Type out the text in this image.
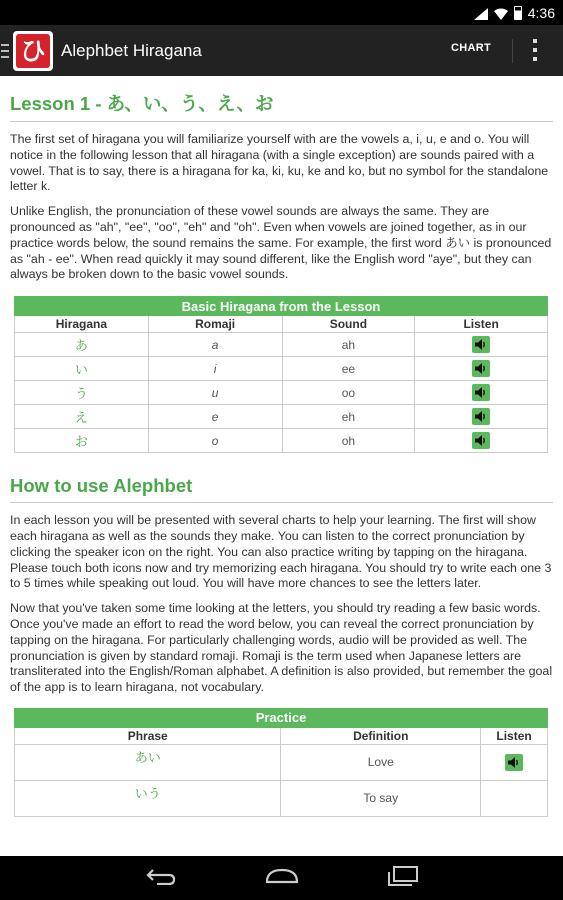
4:36
ひ Alephbet Hiragana	CHART
Lesson 1 - あ、い、う、え、お

The first set of hiragana you will familiarize yourself with are the vowels a, i, u, e and o. You will notice in the following lesson that all hiragana (with a single exception) are sounds paired with a vowel. That is to say, there is a hiragana for ka, ki, ku, ke and ko, but no symbol for the standalone letter k.

Unlike English, the pronunciation of these vowel sounds are always the same. They are pronounced as "ah", "ee", "oo", "eh" and "oh". Even when vowels are joined together, as in our practice words below, the sound remains the same. For example, the first word あい is pronounced as "ah - ee". When read quickly it may sound different, like the English word "aye", but they can always be broken down to the basic vowel sounds.

Basic Hiragana from the Lesson			
Hiragana	Romaji	Sound	Listen
あ	a	ah	

い	i	ee	

う	u	oo	

え	e	eh	

お	o	oh	
How to use Alephbet

In each lesson you will be presented with several charts to help your learning. The first will show each hiragana as well as the sounds they make. You can listen to the correct pronunciation by clicking the speaker icon on the right. You can also practice writing by tapping on the hiragana. Please touch both icons now and try memorizing each hiragana. You should try to write each one 3 to 5 times while speaking out loud. You will have more chances to see the letters later.

Now that you've taken some time looking at the letters, you should try reading a few basic words. Once you've made an effort to read the word below, you can reveal the correct pronunciation by tapping on the hiragana. For particularly challenging words, audio will be provided as well. The pronunciation is given by standard romaji. Romaji is the term used when Japanese letters are transliterated into the English/Roman alphabet. A definition is also provided, but remember the goal of the app is to learn hiragana, not vocabulary.

Practice		
Phrase	Definition	Listen
あい	Love	

いう	To say	
